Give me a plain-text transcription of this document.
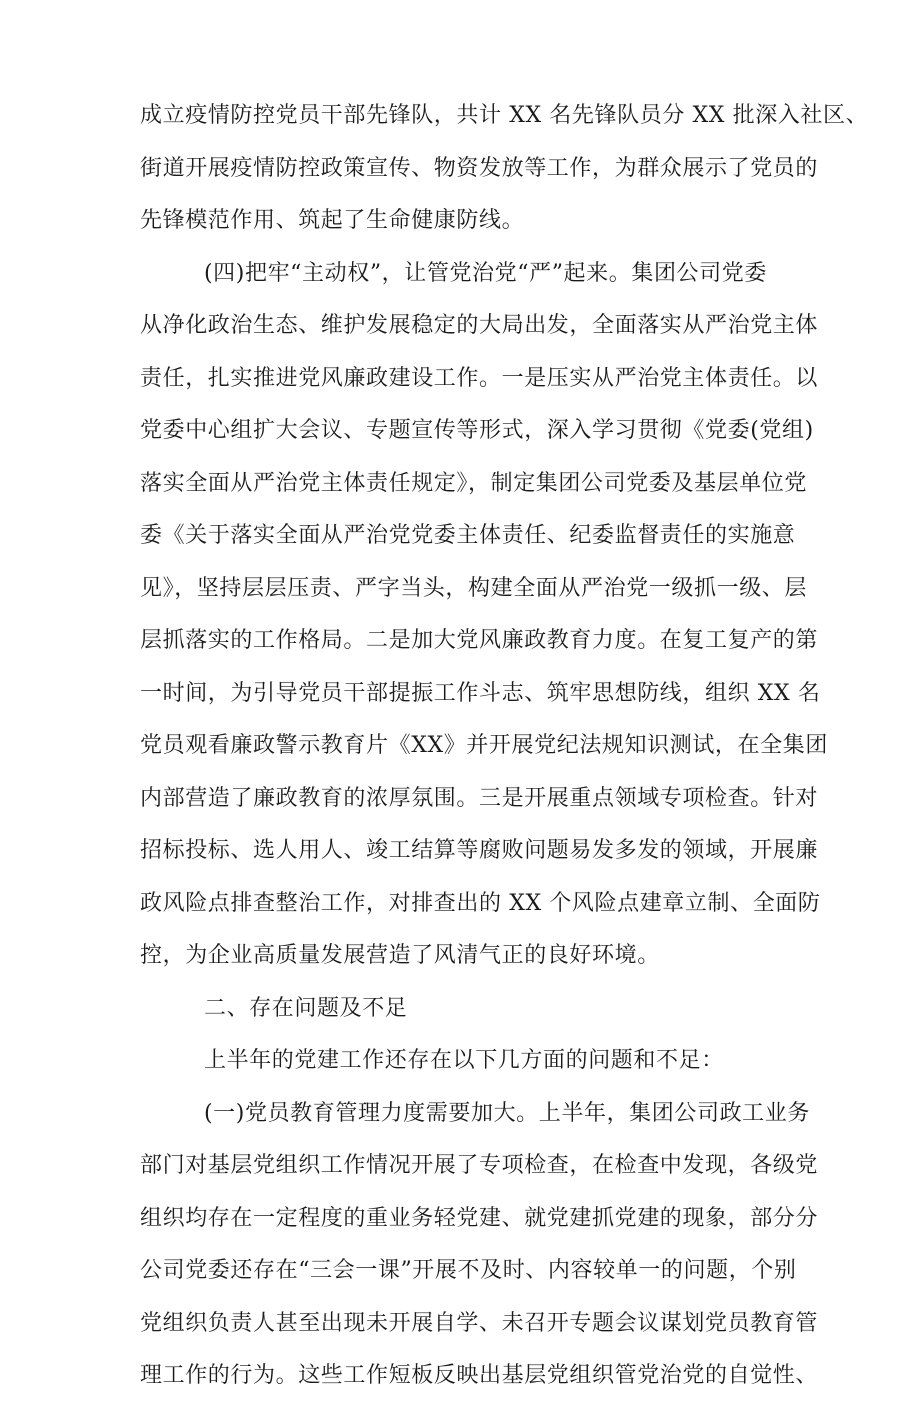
成立疫情防控党员干部先锋队，共计 XX 名先锋队员分 XX 批深入社区、
街道开展疫情防控政策宣传、物资发放等工作，为群众展示了党员的
先锋模范作用、筑起了生命健康防线。
(四)把牢“主动权”，让管党治党“严”起来。集团公司党委
从净化政治生态、维护发展稳定的大局出发，全面落实从严治党主体
责任，扎实推进党风廉政建设工作。一是压实从严治党主体责任。以
党委中心组扩大会议、专题宣传等形式，深入学习贯彻《党委(党组)
落实全面从严治党主体责任规定》，制定集团公司党委及基层单位党
委《关于落实全面从严治党党委主体责任、纪委监督责任的实施意
见》，坚持层层压责、严字当头，构建全面从严治党一级抓一级、层
层抓落实的工作格局。二是加大党风廉政教育力度。在复工复产的第
一时间，为引导党员干部提振工作斗志、筑牢思想防线，组织 XX 名
党员观看廉政警示教育片《XX》并开展党纪法规知识测试，在全集团
内部营造了廉政教育的浓厚氛围。三是开展重点领域专项检查。针对
招标投标、选人用人、竣工结算等腐败问题易发多发的领域，开展廉
政风险点排查整治工作，对排查出的 XX 个风险点建章立制、全面防
控，为企业高质量发展营造了风清气正的良好环境。
二、存在问题及不足
上半年的党建工作还存在以下几方面的问题和不足：
(一)党员教育管理力度需要加大。上半年，集团公司政工业务
部门对基层党组织工作情况开展了专项检查，在检查中发现，各级党
组织均存在一定程度的重业务轻党建、就党建抓党建的现象，部分分
公司党委还存在“三会一课”开展不及时、内容较单一的问题，个别
党组织负责人甚至出现未开展自学、未召开专题会议谋划党员教育管
理工作的行为。这些工作短板反映出基层党组织管党治党的自觉性、
